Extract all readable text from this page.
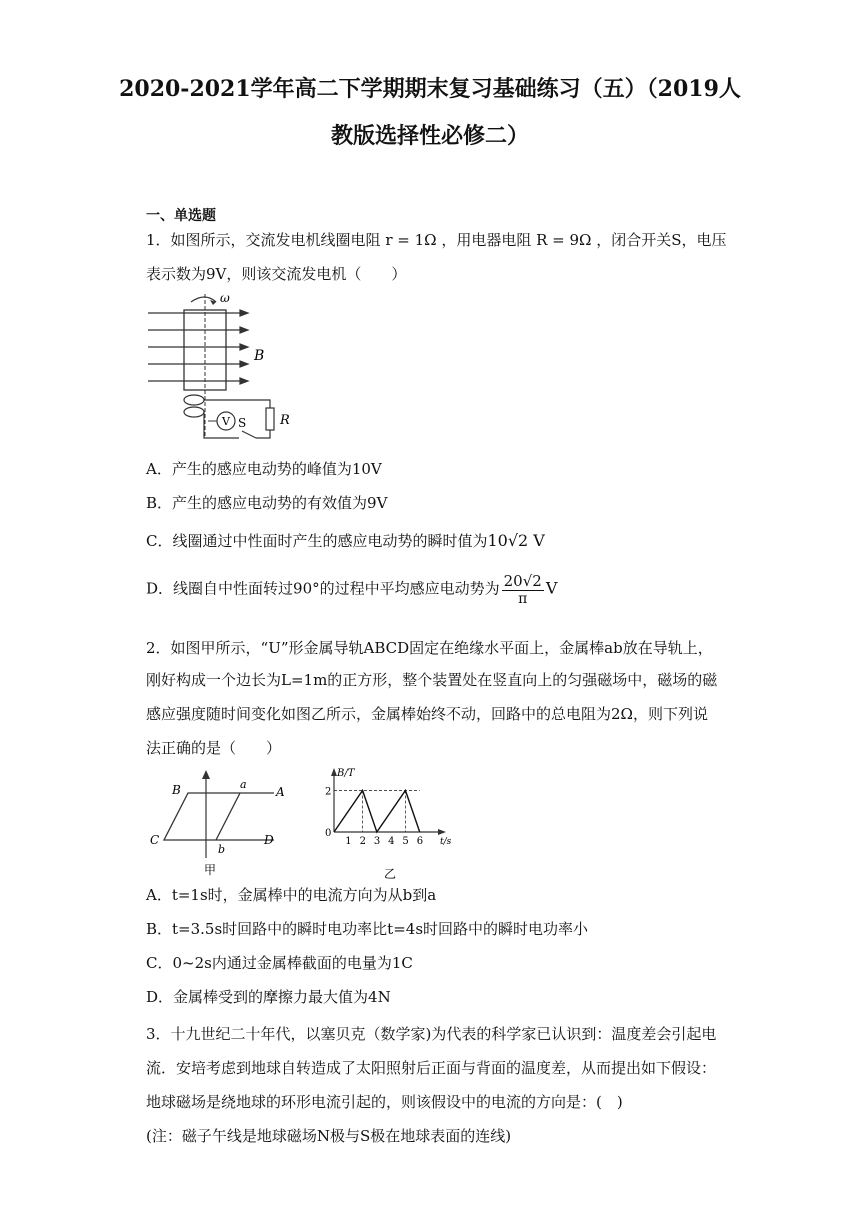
2020-2021学年高二下学期期末复习基础练习（五）（2019人
教版选择性必修二）
一、单选题
1．如图所示，交流发电机线圈电阻 r = 1Ω ，用电器电阻 R = 9Ω ，闭合开关S，电压
表示数为9V，则该交流发电机（　　）
ω
B
R
S
V
A．产生的感应电动势的峰值为10V
B．产生的感应电动势的有效值为9V
C．线圈通过中性面时产生的感应电动势的瞬时值为10√2 V
D．线圈自中性面转过90°的过程中平均感应电动势为 $\frac{20√2}{\pi}$ V
2．如图甲所示，“U”形金属导轨ABCD固定在绝缘水平面上，金属棒ab放在导轨上，
刚好构成一个边长为L=1m的正方形，整个装置处在竖直向上的匀强磁场中，磁场的磁
感应强度随时间变化如图乙所示，金属棒始终不动，回路中的总电阻为2Ω，则下列说
法正确的是（　　）
B	A
a
C	D
b
甲
B/T
t/s
0
1 2 3 4 5 6
2
乙
A．t=1s时，金属棒中的电流方向为从b到a
B．t=3.5s时回路中的瞬时电功率比t=4s时回路中的瞬时电功率小
C．0~2s内通过金属棒截面的电量为1C
D．金属棒受到的摩擦力最大值为4N
3．十九世纪二十年代，以塞贝克（数学家)为代表的科学家已认识到：温度差会引起电
流．安培考虑到地球自转造成了太阳照射后正面与背面的温度差，从而提出如下假设：
地球磁场是绕地球的环形电流引起的，则该假设中的电流的方向是：(　)
(注：磁子午线是地球磁场N极与S极在地球表面的连线)
